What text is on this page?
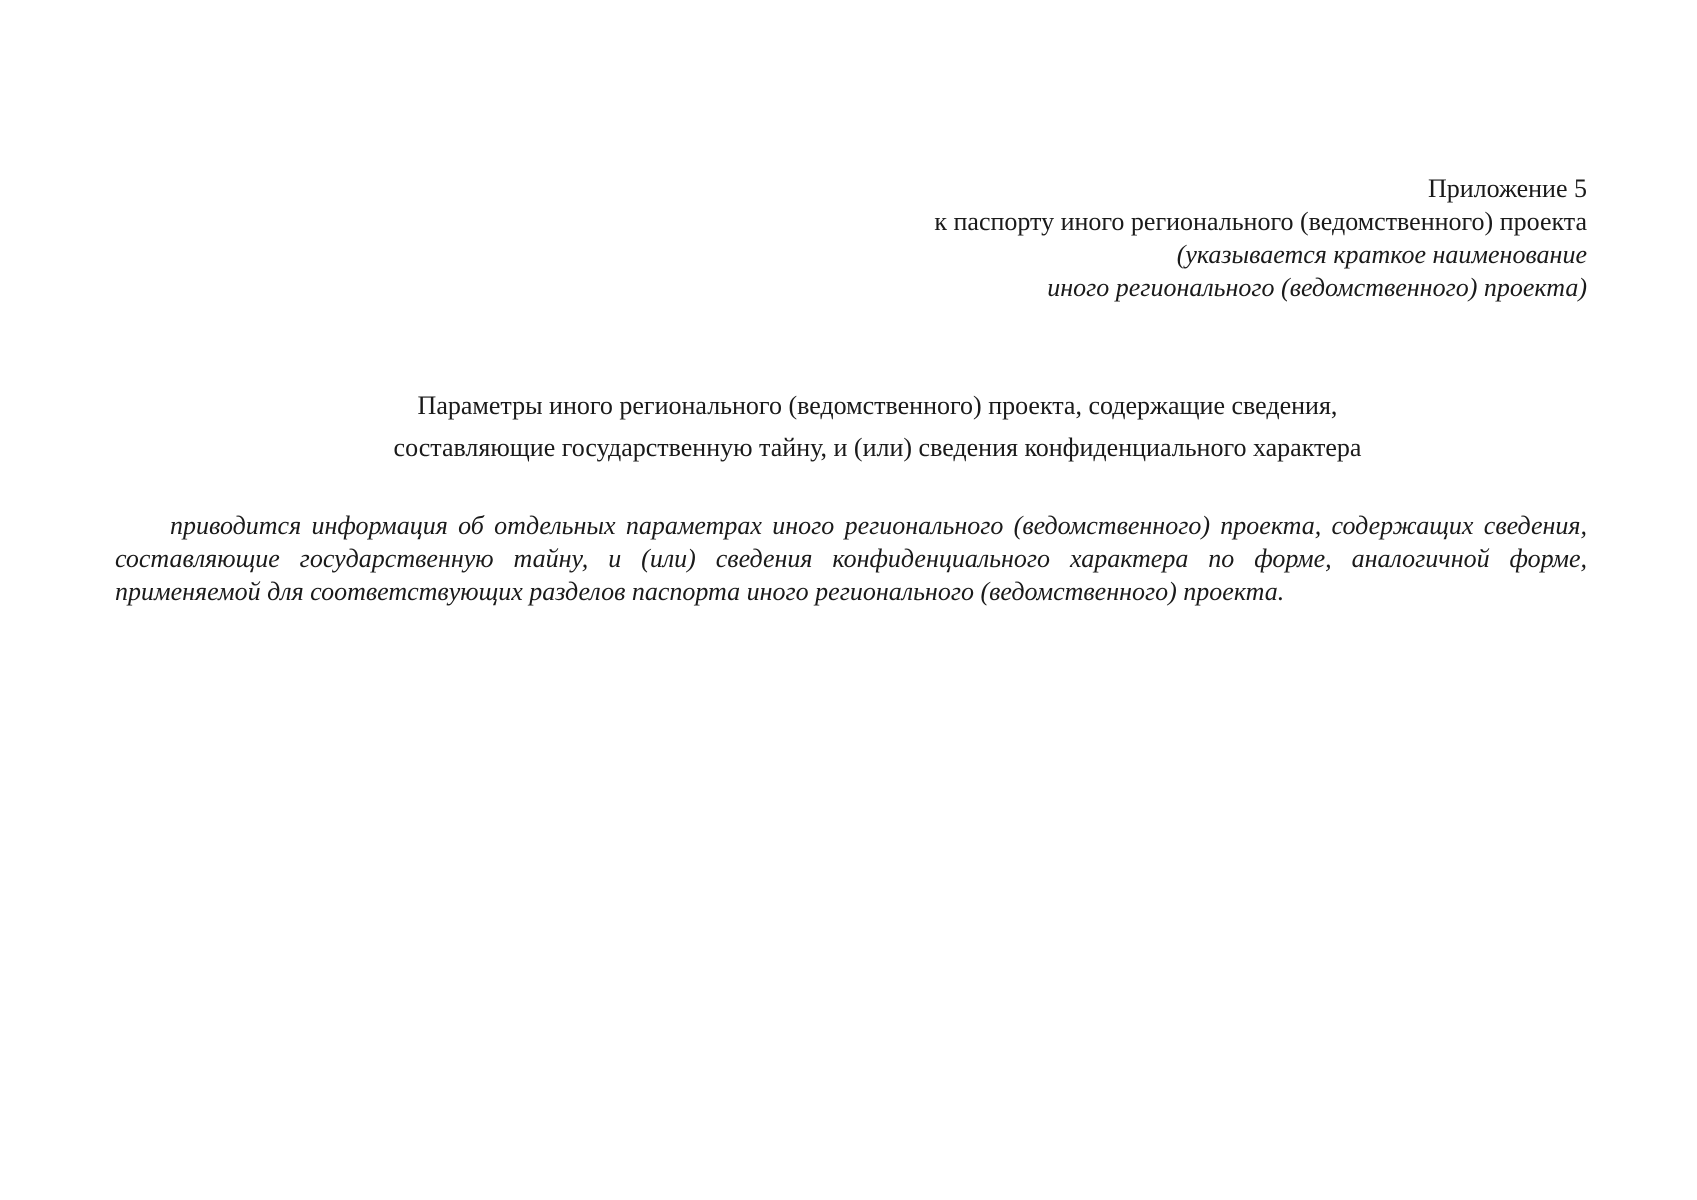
Приложение 5
к паспорту иного регионального (ведомственного) проекта
(указывается краткое наименование
иного регионального (ведомственного) проекта)
Параметры иного регионального (ведомственного) проекта, содержащие сведения,
составляющие государственную тайну, и (или) сведения конфиденциального характера

приводится информация об отдельных параметрах иного регионального (ведомственного) проекта, содержащих сведения, составляющие государственную тайну, и (или) сведения конфиденциального характера по форме, аналогичной форме, применяемой для соответствующих разделов паспорта иного регионального (ведомственного) проекта.
